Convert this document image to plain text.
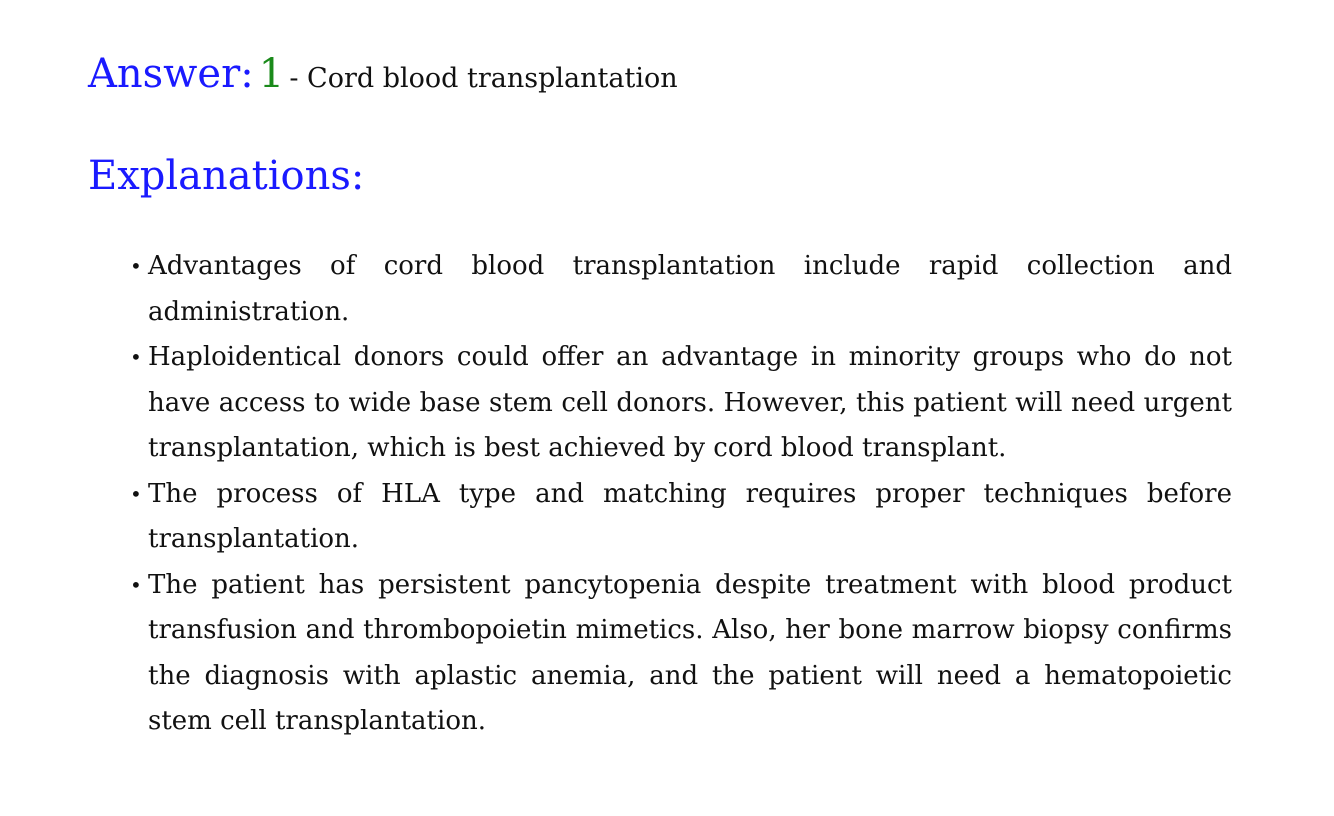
Answer: 1 - Cord blood transplantation

Explanations:
• Advantages of cord blood transplantation include rapid collection and administration.
• Haploidentical donors could offer an advantage in minority groups who do not have access to wide base stem cell donors. However, this patient will need urgent transplantation, which is best achieved by cord blood transplant.
• The process of HLA type and matching requires proper techniques before transplantation.
• The patient has persistent pancytopenia despite treatment with blood product transfusion and thrombopoietin mimetics. Also, her bone marrow biopsy confirms the diagnosis with aplastic anemia, and the patient will need a hematopoietic stem cell transplantation.
